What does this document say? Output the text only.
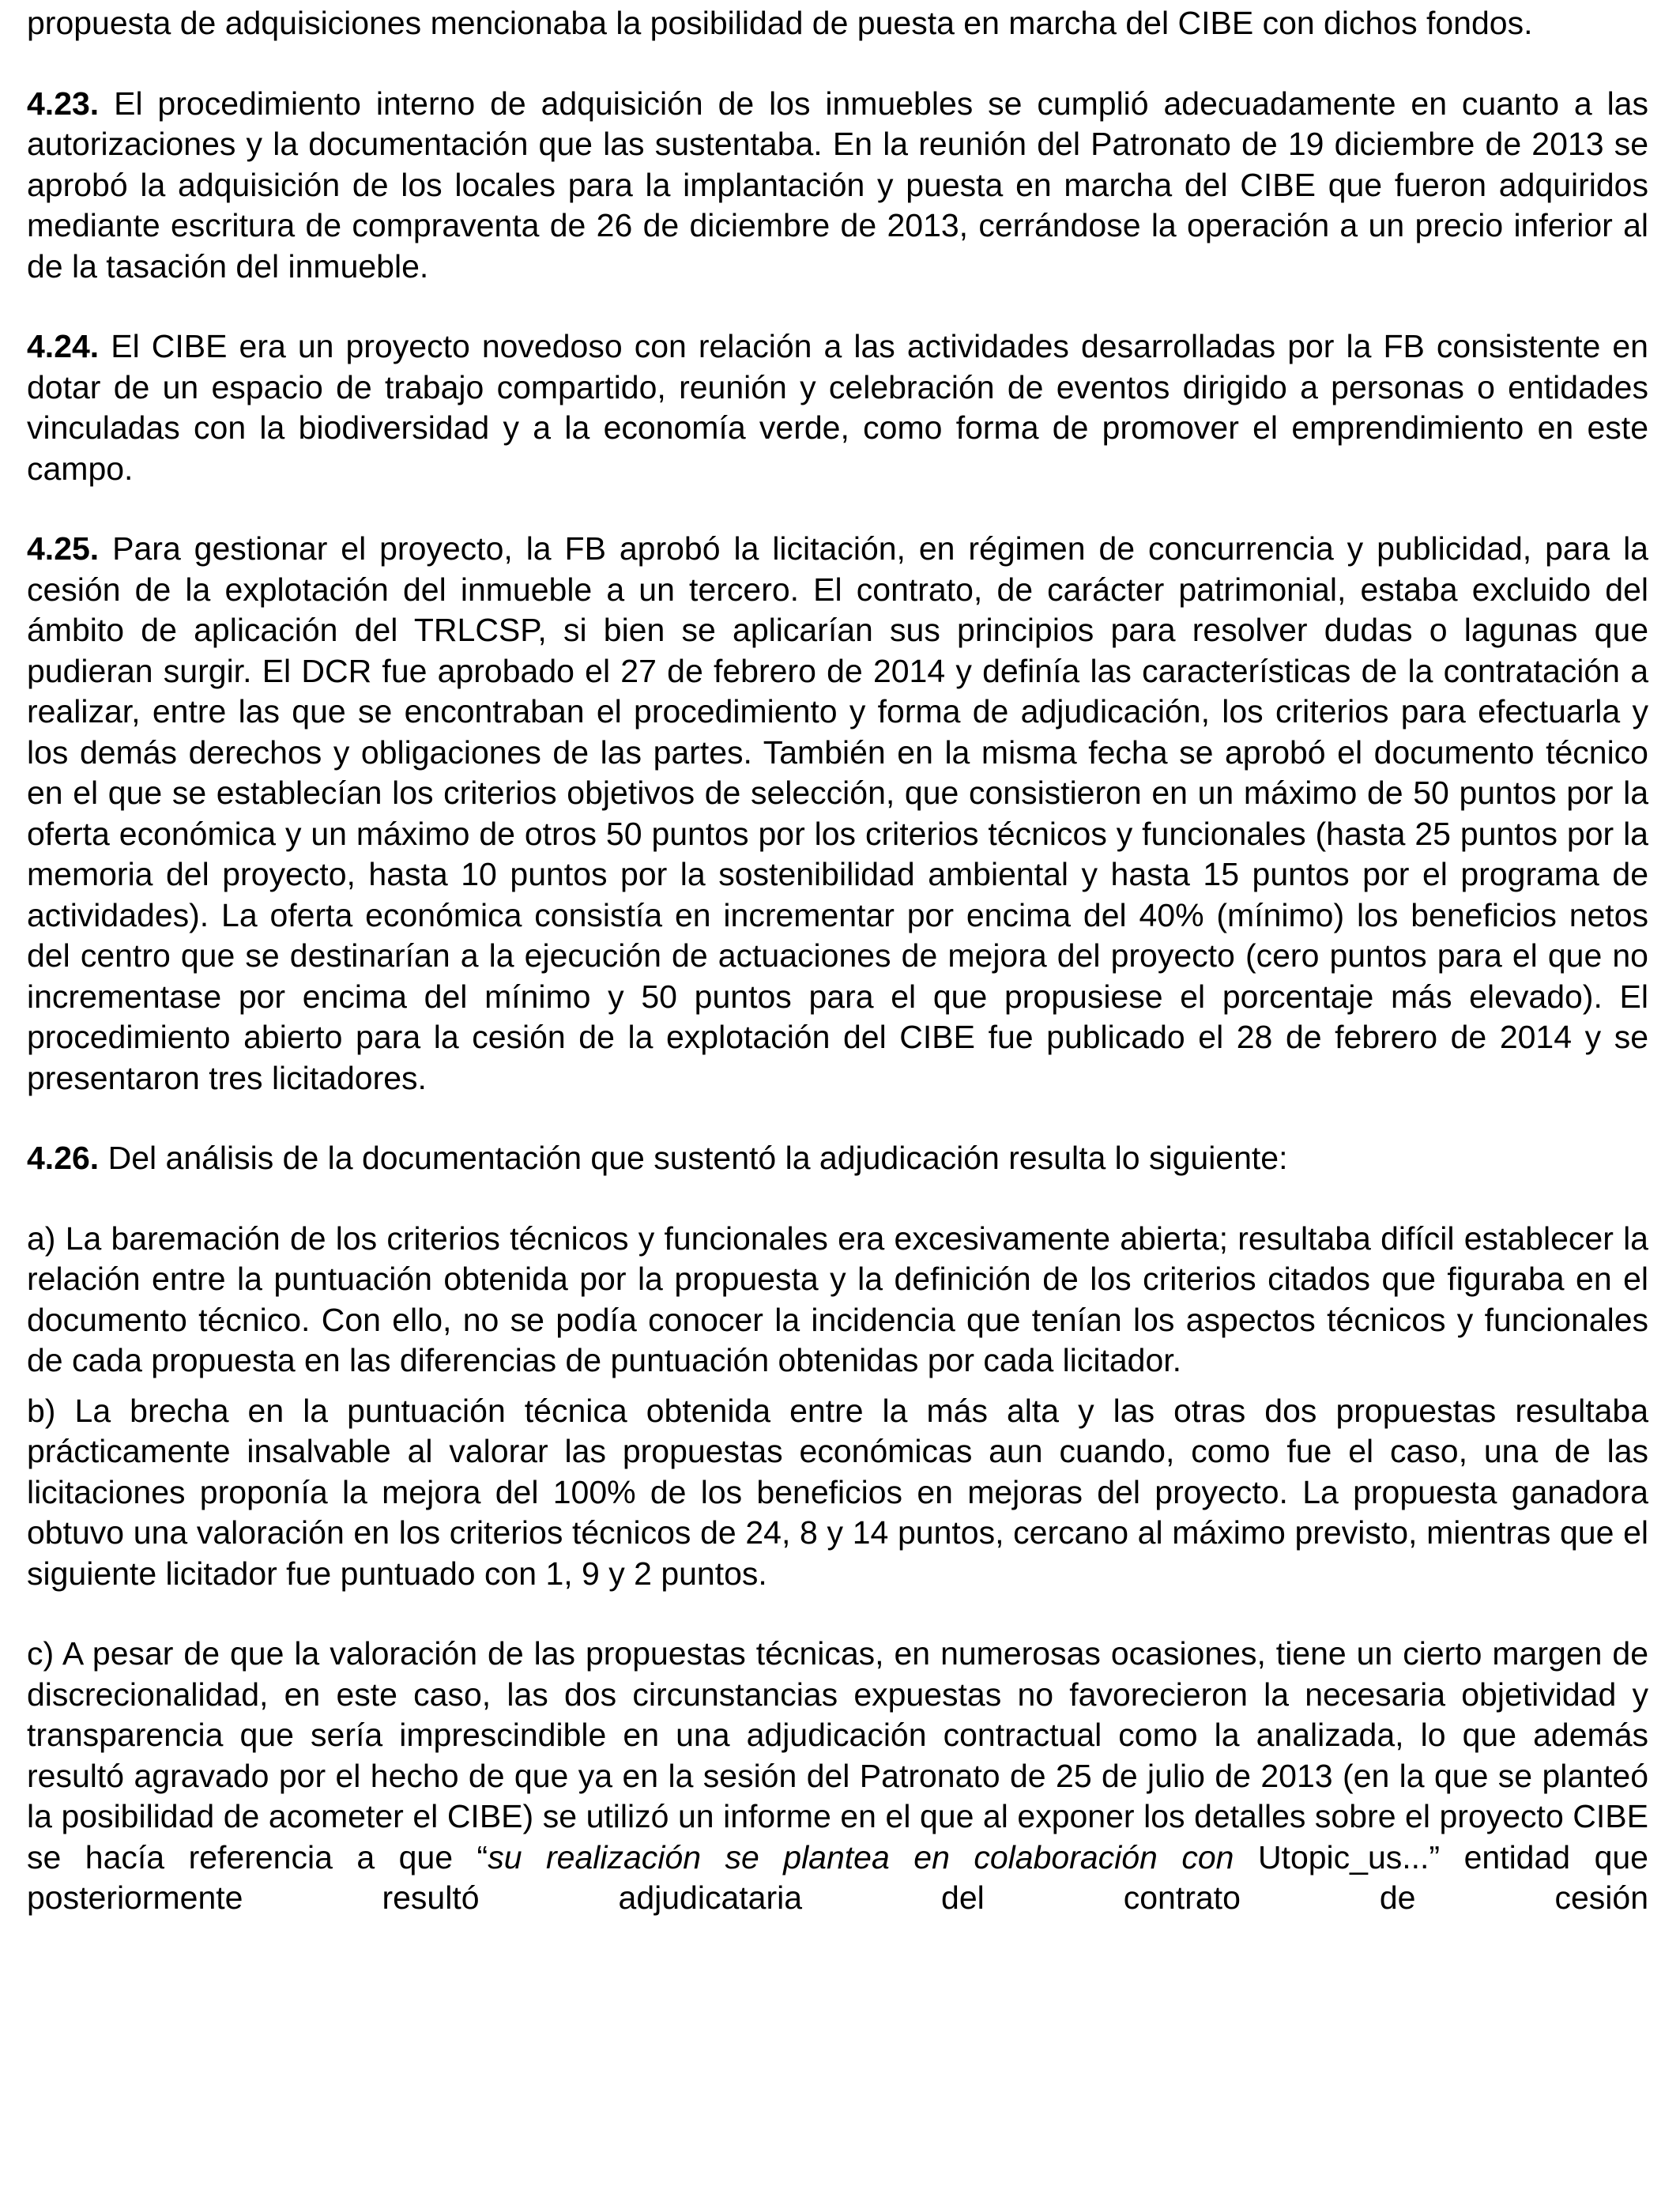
propuesta de adquisiciones mencionaba la posibilidad de puesta en marcha del CIBE con dichos fondos.

4.23. El procedimiento interno de adquisición de los inmuebles se cumplió adecuadamente en cuanto a las autorizaciones y la documentación que las sustentaba. En la reunión del Patronato de 19 diciembre de 2013 se aprobó la adquisición de los locales para la implantación y puesta en marcha del CIBE que fueron adquiridos mediante escritura de compraventa de 26 de diciembre de 2013, cerrándose la operación a un precio inferior al de la tasación del inmueble.

4.24. El CIBE era un proyecto novedoso con relación a las actividades desarrolladas por la FB consistente en dotar de un espacio de trabajo compartido, reunión y celebración de eventos dirigido a personas o entidades vinculadas con la biodiversidad y a la economía verde, como forma de promover el emprendimiento en este campo.

4.25. Para gestionar el proyecto, la FB aprobó la licitación, en régimen de concurrencia y publicidad, para la cesión de la explotación del inmueble a un tercero. El contrato, de carácter patrimonial, estaba excluido del ámbito de aplicación del TRLCSP, si bien se aplicarían sus principios para resolver dudas o lagunas que pudieran surgir. El DCR fue aprobado el 27 de febrero de 2014 y definía las características de la contratación a realizar, entre las que se encontraban el procedimiento y forma de adjudicación, los criterios para efectuarla y los demás derechos y obligaciones de las partes. También en la misma fecha se aprobó el documento técnico en el que se establecían los criterios objetivos de selección, que consistieron en un máximo de 50 puntos por la oferta económica y un máximo de otros 50 puntos por los criterios técnicos y funcionales (hasta 25 puntos por la memoria del proyecto, hasta 10 puntos por la sostenibilidad ambiental y hasta 15 puntos por el programa de actividades). La oferta económica consistía en incrementar por encima del 40% (mínimo) los beneficios netos del centro que se destinarían a la ejecución de actuaciones de mejora del proyecto (cero puntos para el que no incrementase por encima del mínimo y 50 puntos para el que propusiese el porcentaje más elevado). El procedimiento abierto para la cesión de la explotación del CIBE fue publicado el 28 de febrero de 2014 y se presentaron tres licitadores.

4.26. Del análisis de la documentación que sustentó la adjudicación resulta lo siguiente:

a) La baremación de los criterios técnicos y funcionales era excesivamente abierta; resultaba difícil establecer la relación entre la puntuación obtenida por la propuesta y la definición de los criterios citados que figuraba en el documento técnico. Con ello, no se podía conocer la incidencia que tenían los aspectos técnicos y funcionales de cada propuesta en las diferencias de puntuación obtenidas por cada licitador.

b) La brecha en la puntuación técnica obtenida entre la más alta y las otras dos propuestas resultaba prácticamente insalvable al valorar las propuestas económicas aun cuando, como fue el caso, una de las licitaciones proponía la mejora del 100% de los beneficios en mejoras del proyecto. La propuesta ganadora obtuvo una valoración en los criterios técnicos de 24, 8 y 14 puntos, cercano al máximo previsto, mientras que el siguiente licitador fue puntuado con 1, 9 y 2 puntos.

c) A pesar de que la valoración de las propuestas técnicas, en numerosas ocasiones, tiene un cierto margen de discrecionalidad, en este caso, las dos circunstancias expuestas no favorecieron la necesaria objetividad y transparencia que sería imprescindible en una adjudicación contractual como la analizada, lo que además resultó agravado por el hecho de que ya en la sesión del Patronato de 25 de julio de 2013 (en la que se planteó la posibilidad de acometer el CIBE) se utilizó un informe en el que al exponer los detalles sobre el proyecto CIBE se hacía referencia a que “su realización se plantea en colaboración con Utopic_us...” entidad que posteriormente resultó adjudicataria del contrato de cesión
